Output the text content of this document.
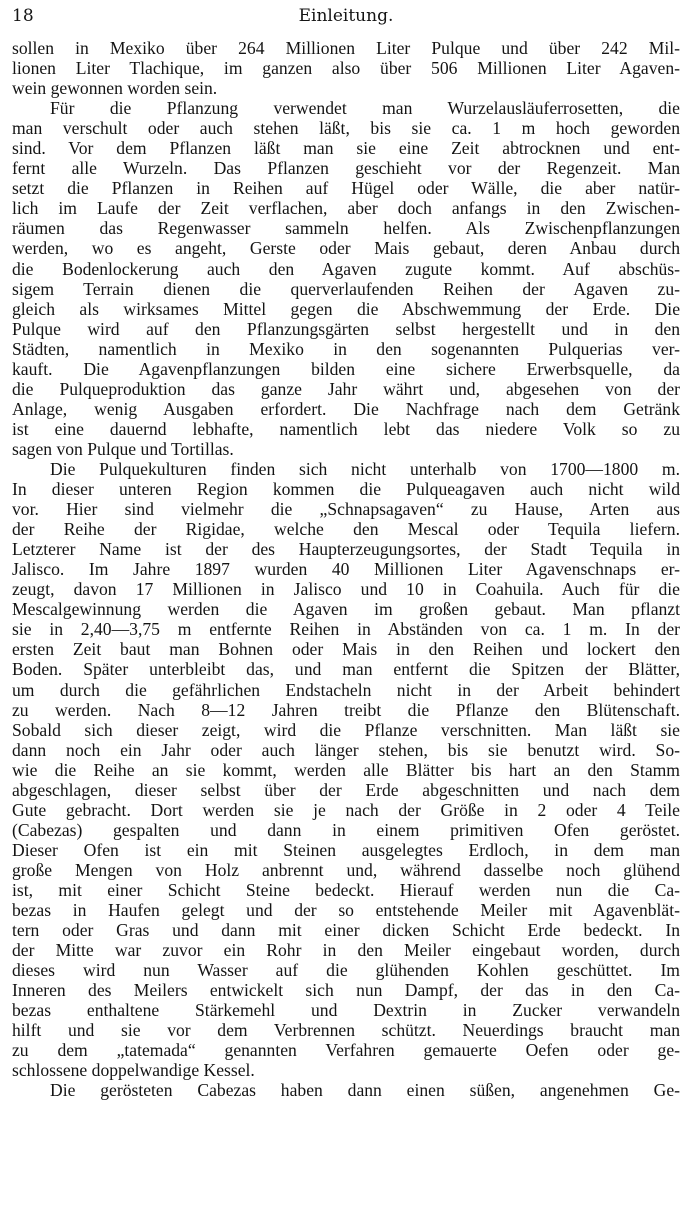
18	Einleitung.
sollen in Mexiko über 264 Millionen Liter Pulque und über 242 Mil-
lionen Liter Tlachique, im ganzen also über 506 Millionen Liter Agaven-
wein gewonnen worden sein.
Für die Pflanzung verwendet man Wurzelausläuferrosetten, die
man verschult oder auch stehen läßt, bis sie ca. 1 m hoch geworden
sind. Vor dem Pflanzen läßt man sie eine Zeit abtrocknen und ent-
fernt alle Wurzeln. Das Pflanzen geschieht vor der Regenzeit. Man
setzt die Pflanzen in Reihen auf Hügel oder Wälle, die aber natür-
lich im Laufe der Zeit verflachen, aber doch anfangs in den Zwischen-
räumen das Regenwasser sammeln helfen. Als Zwischenpflanzungen
werden, wo es angeht, Gerste oder Mais gebaut, deren Anbau durch
die Bodenlockerung auch den Agaven zugute kommt. Auf abschüs-
sigem Terrain dienen die querverlaufenden Reihen der Agaven zu-
gleich als wirksames Mittel gegen die Abschwemmung der Erde. Die
Pulque wird auf den Pflanzungsgärten selbst hergestellt und in den
Städten, namentlich in Mexiko in den sogenannten Pulquerias ver-
kauft. Die Agavenpflanzungen bilden eine sichere Erwerbsquelle, da
die Pulqueproduktion das ganze Jahr währt und, abgesehen von der
Anlage, wenig Ausgaben erfordert. Die Nachfrage nach dem Getränk
ist eine dauernd lebhafte, namentlich lebt das niedere Volk so zu
sagen von Pulque und Tortillas.
Die Pulquekulturen finden sich nicht unterhalb von 1700—1800 m.
In dieser unteren Region kommen die Pulqueagaven auch nicht wild
vor. Hier sind vielmehr die „Schnapsagaven“ zu Hause, Arten aus
der Reihe der Rigidae, welche den Mescal oder Tequila liefern.
Letzterer Name ist der des Haupterzeugungsortes, der Stadt Tequila in
Jalisco. Im Jahre 1897 wurden 40 Millionen Liter Agavenschnaps er-
zeugt, davon 17 Millionen in Jalisco und 10 in Coahuila. Auch für die
Mescalgewinnung werden die Agaven im großen gebaut. Man pflanzt
sie in 2,40—3,75 m entfernte Reihen in Abständen von ca. 1 m. In der
ersten Zeit baut man Bohnen oder Mais in den Reihen und lockert den
Boden. Später unterbleibt das, und man entfernt die Spitzen der Blätter,
um durch die gefährlichen Endstacheln nicht in der Arbeit behindert
zu werden. Nach 8—12 Jahren treibt die Pflanze den Blütenschaft.
Sobald sich dieser zeigt, wird die Pflanze verschnitten. Man läßt sie
dann noch ein Jahr oder auch länger stehen, bis sie benutzt wird. So-
wie die Reihe an sie kommt, werden alle Blätter bis hart an den Stamm
abgeschlagen, dieser selbst über der Erde abgeschnitten und nach dem
Gute gebracht. Dort werden sie je nach der Größe in 2 oder 4 Teile
(Cabezas) gespalten und dann in einem primitiven Ofen geröstet.
Dieser Ofen ist ein mit Steinen ausgelegtes Erdloch, in dem man
große Mengen von Holz anbrennt und, während dasselbe noch glühend
ist, mit einer Schicht Steine bedeckt. Hierauf werden nun die Ca-
bezas in Haufen gelegt und der so entstehende Meiler mit Agavenblät-
tern oder Gras und dann mit einer dicken Schicht Erde bedeckt. In
der Mitte war zuvor ein Rohr in den Meiler eingebaut worden, durch
dieses wird nun Wasser auf die glühenden Kohlen geschüttet. Im
Inneren des Meilers entwickelt sich nun Dampf, der das in den Ca-
bezas enthaltene Stärkemehl und Dextrin in Zucker verwandeln
hilft und sie vor dem Verbrennen schützt. Neuerdings braucht man
zu dem „tatemada“ genannten Verfahren gemauerte Oefen oder ge-
schlossene doppelwandige Kessel.
Die gerösteten Cabezas haben dann einen süßen, angenehmen Ge-
